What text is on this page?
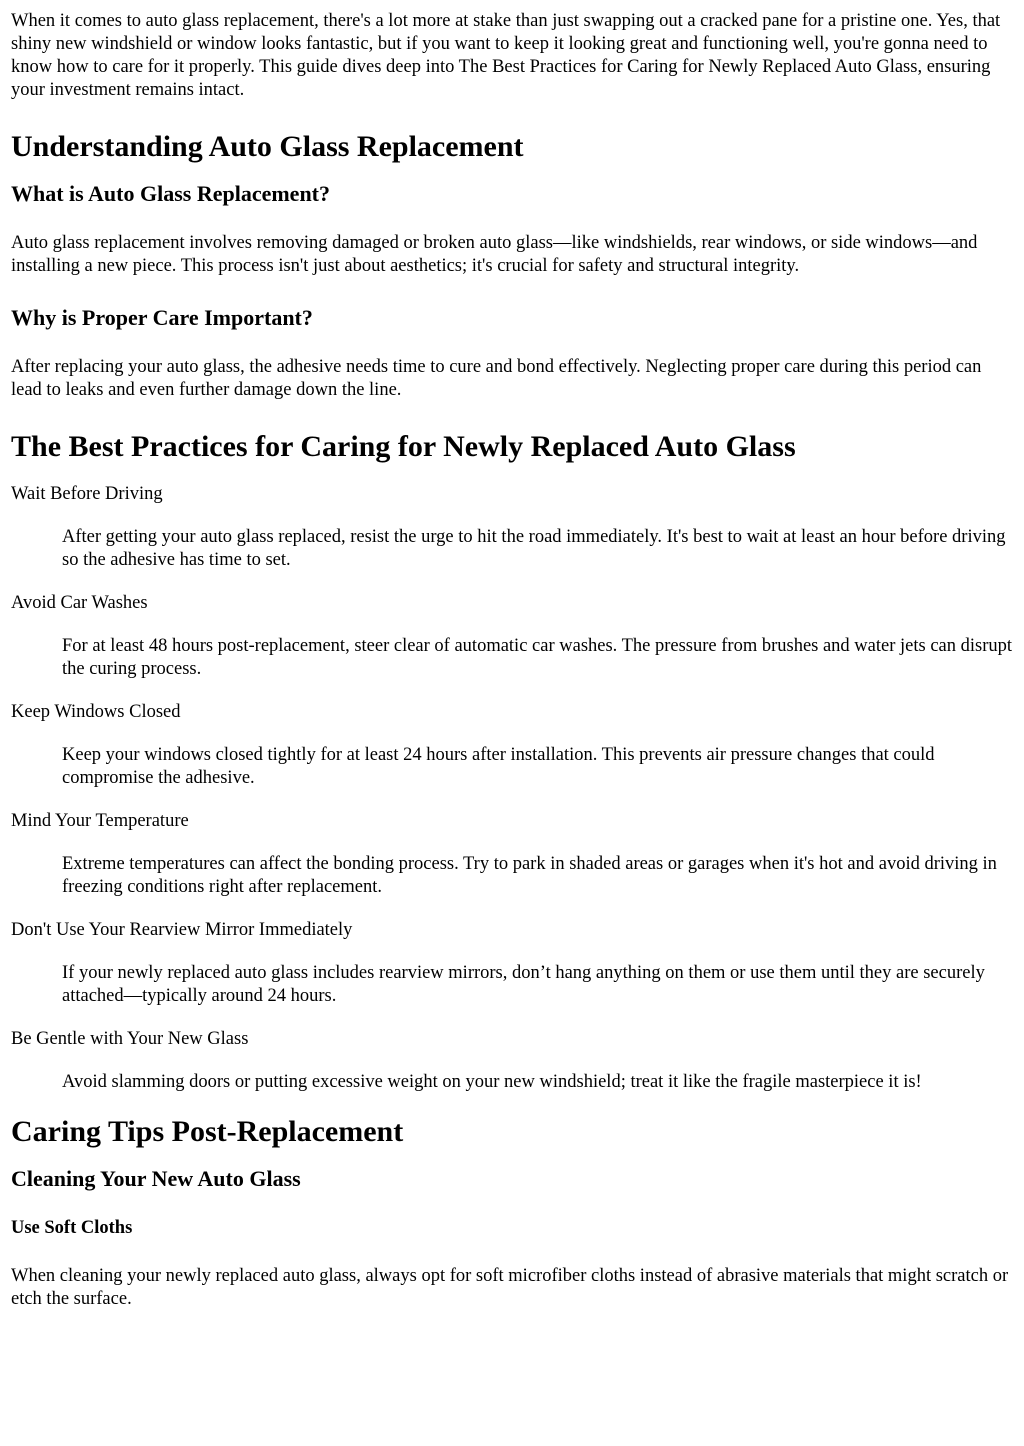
When it comes to auto glass replacement, there's a lot more at stake than just swapping out a cracked pane for a pristine one. Yes, that shiny new windshield or window looks fantastic, but if you want to keep it looking great and functioning well, you're gonna need to know how to care for it properly. This guide dives deep into The Best Practices for Caring for Newly Replaced Auto Glass, ensuring your investment remains intact.

Understanding Auto Glass Replacement
What is Auto Glass Replacement?

Auto glass replacement involves removing damaged or broken auto glass—like windshields, rear windows, or side windows—and installing a new piece. This process isn't just about aesthetics; it's crucial for safety and structural integrity.

Why is Proper Care Important?

After replacing your auto glass, the adhesive needs time to cure and bond effectively. Neglecting proper care during this period can lead to leaks and even further damage down the line.

The Best Practices for Caring for Newly Replaced Auto Glass
Wait Before Driving
After getting your auto glass replaced, resist the urge to hit the road immediately. It's best to wait at least an hour before driving so the adhesive has time to set.
Avoid Car Washes
For at least 48 hours post-replacement, steer clear of automatic car washes. The pressure from brushes and water jets can disrupt the curing process.
Keep Windows Closed
Keep your windows closed tightly for at least 24 hours after installation. This prevents air pressure changes that could compromise the adhesive.
Mind Your Temperature
Extreme temperatures can affect the bonding process. Try to park in shaded areas or garages when it's hot and avoid driving in freezing conditions right after replacement.
Don't Use Your Rearview Mirror Immediately
If your newly replaced auto glass includes rearview mirrors, don’t hang anything on them or use them until they are securely attached—typically around 24 hours.
Be Gentle with Your New Glass
Avoid slamming doors or putting excessive weight on your new windshield; treat it like the fragile masterpiece it is!
Caring Tips Post-Replacement
Cleaning Your New Auto Glass
Use Soft Cloths

When cleaning your newly replaced auto glass, always opt for soft microfiber cloths instead of abrasive materials that might scratch or etch the surface.
